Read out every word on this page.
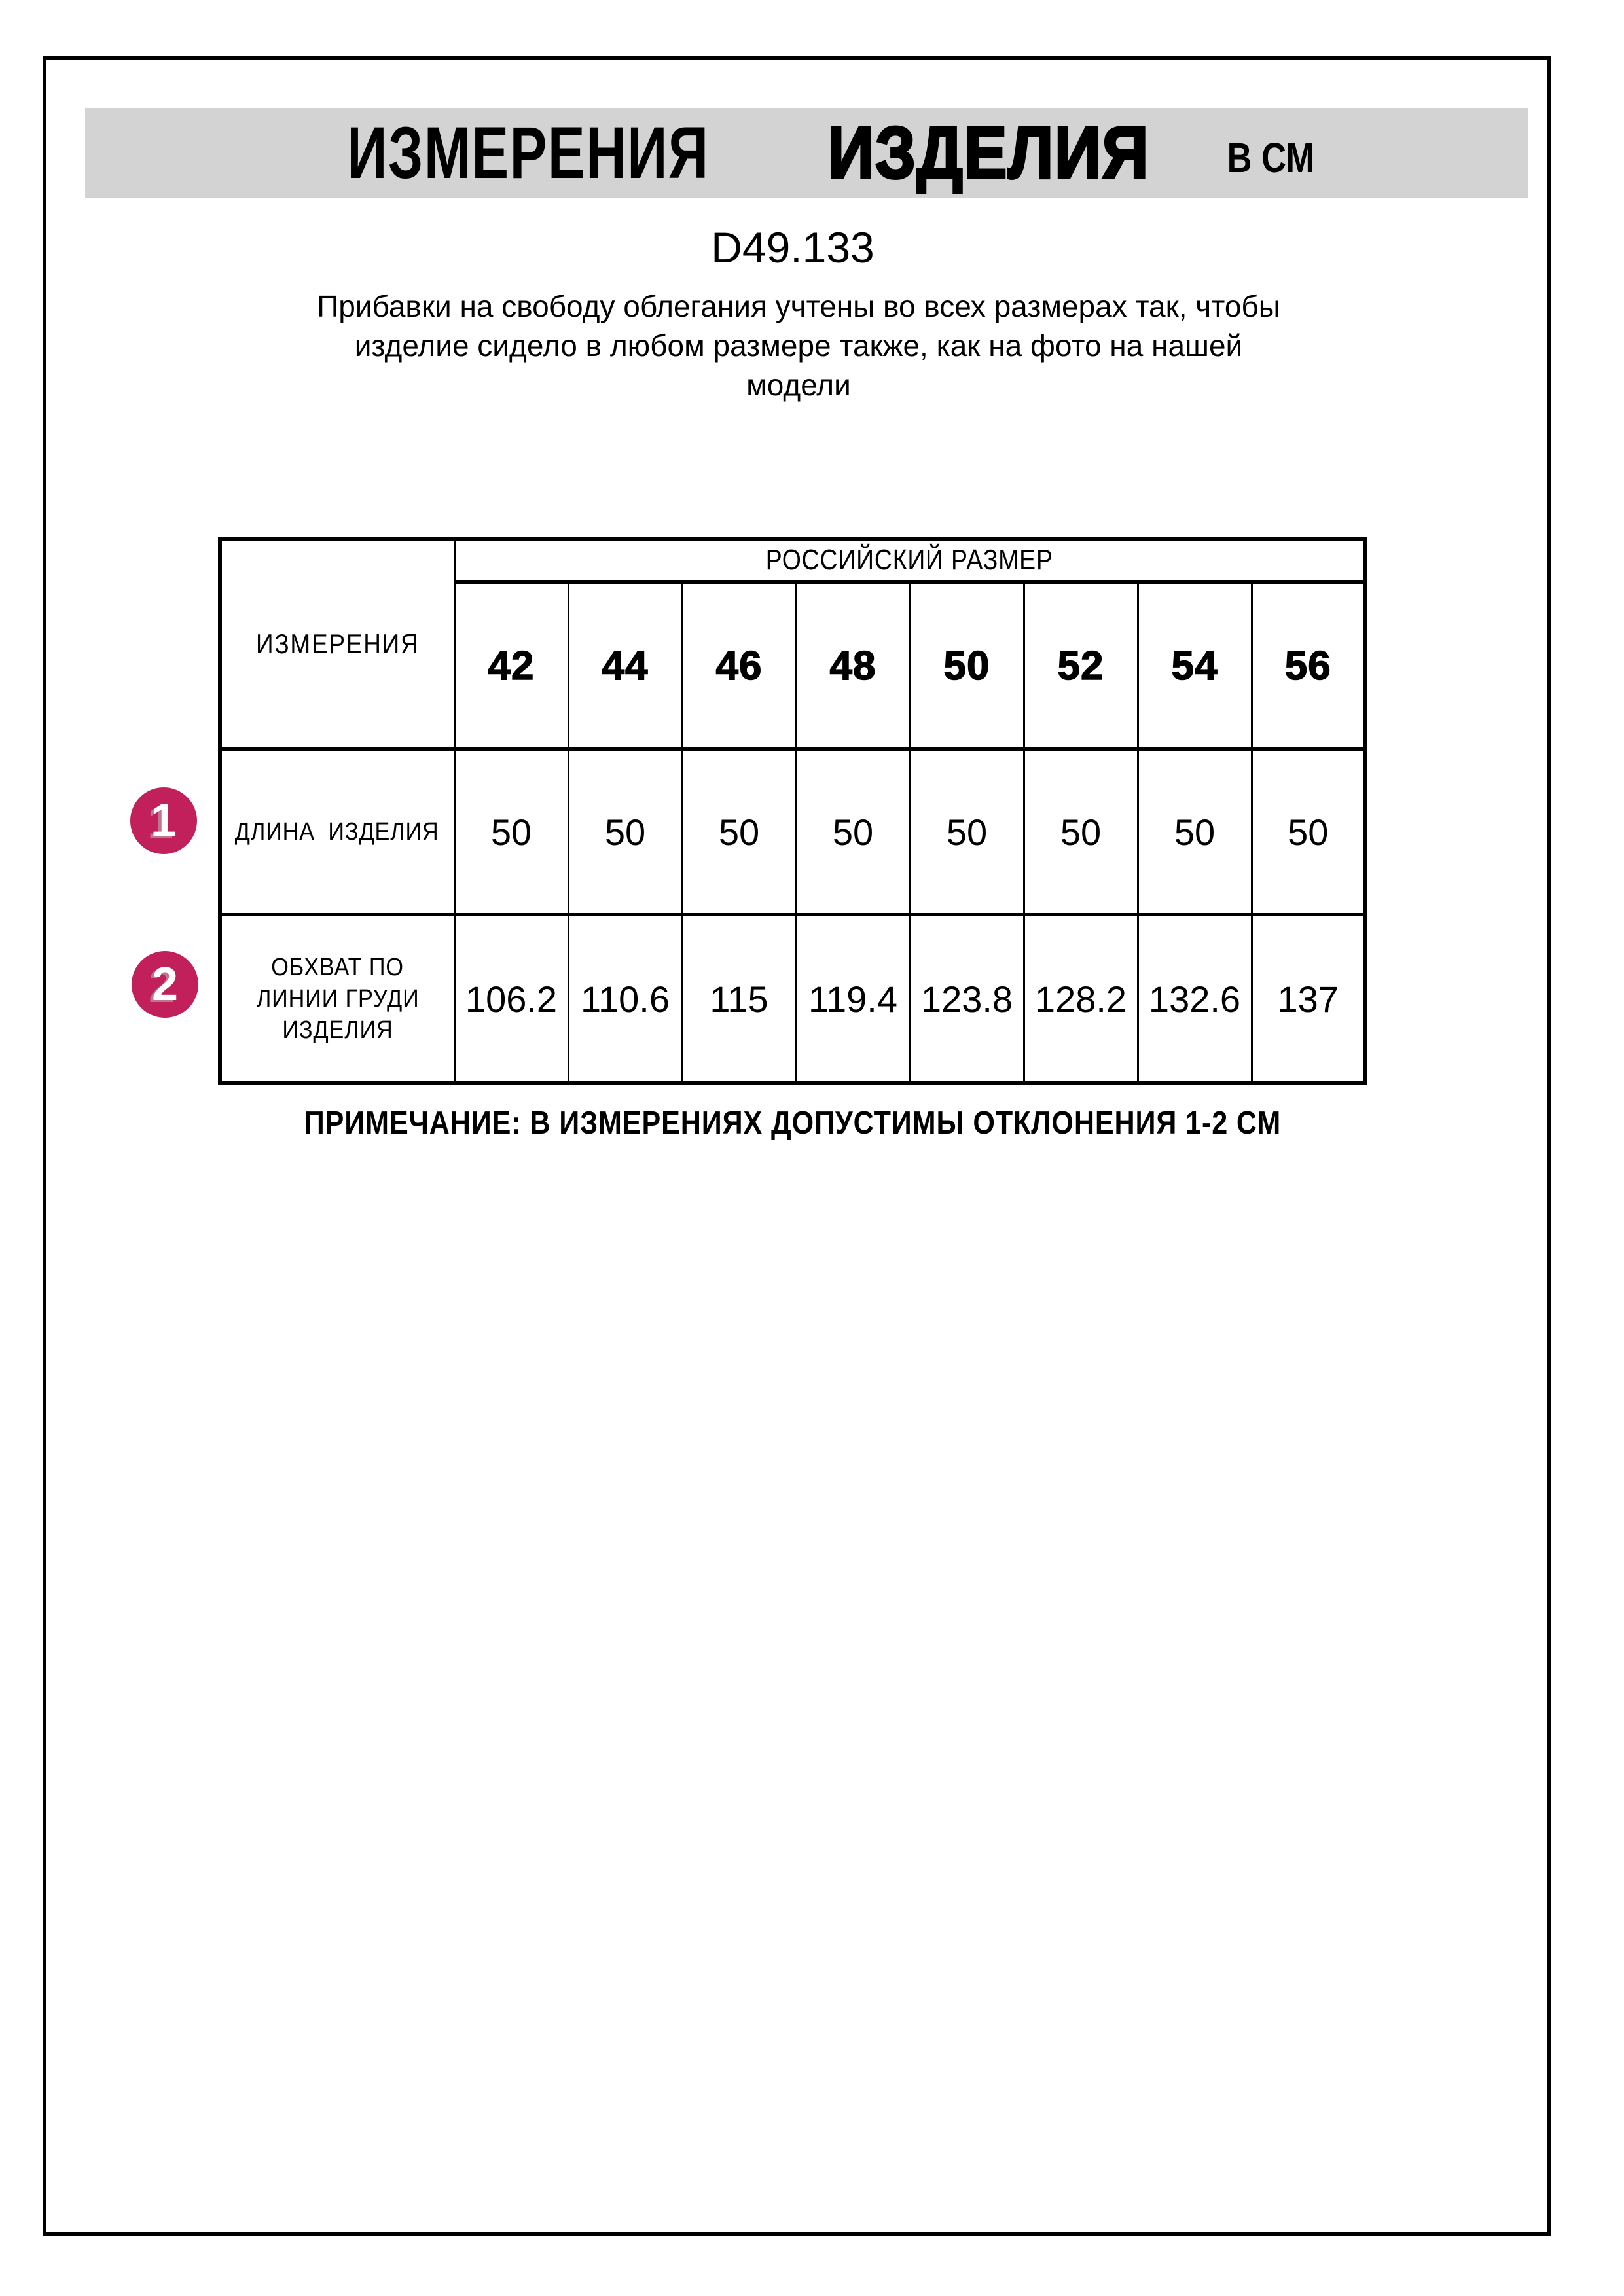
ИЗМЕРЕНИЯ ИЗДЕЛИЯ В СМ
D49.133
Прибавки на свободу облегания учтены во всех размерах так, чтобы
изделие сидело в любом размере также, как на фото на нашей
модели
ИЗМЕРЕНИЯ	РОССИЙСКИЙ РАЗМЕР							
	42	44	46	48	50	52	54	56
ДЛИНА ИЗДЕЛИЯ	50	50	50	50	50	50	50	50
ОБХВАТ ПО ЛИНИИ ГРУДИ ИЗДЕЛИЯ	106.2	110.6	115	119.4	123.8	128.2	132.6	137
1
2
ПРИМЕЧАНИЕ: В ИЗМЕРЕНИЯХ ДОПУСТИМЫ ОТКЛОНЕНИЯ 1-2 СМ
